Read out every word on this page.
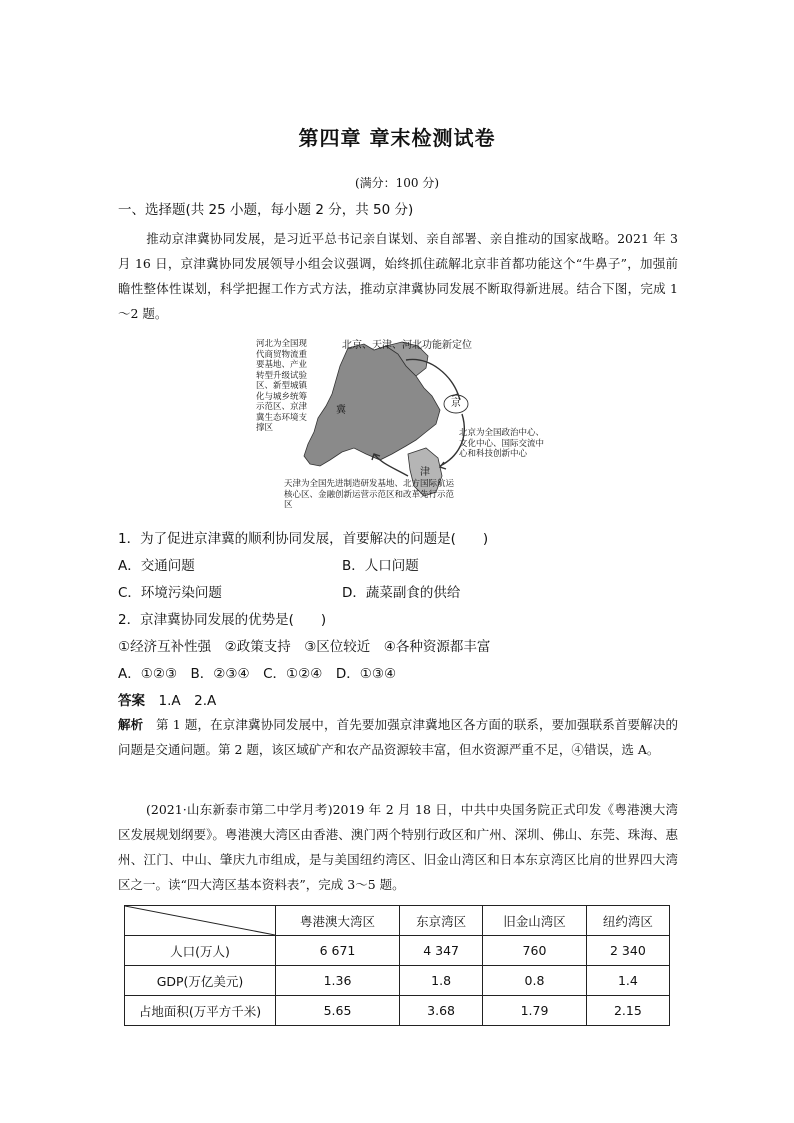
第四章 章末检测试卷
(满分：100 分)
一、选择题(共 25 小题，每小题 2 分，共 50 分)
推动京津冀协同发展，是习近平总书记亲自谋划、亲自部署、亲自推动的国家战略。2021 年 3 月 16 日，京津冀协同发展领导小组会议强调，始终抓住疏解北京非首都功能这个“牛鼻子”，加强前瞻性整体性谋划，科学把握工作方式方法，推动京津冀协同发展不断取得新进展。结合下图，完成 1～2 题。
河北为全国现代商贸物流重要基地、产业转型升级试验区、新型城镇化与城乡统筹示范区、京津冀生态环境支撑区
北京、天津、河北功能新定位
北京为全国政治中心、文化中心、国际交流中心和科技创新中心
天津为全国先进制造研发基地、北方国际航运核心区、金融创新运营示范区和改革先行示范区
冀
京
津
1．为了促进京津冀的顺利协同发展，首要解决的问题是(　　)
A．交通问题	B．人口问题
C．环境污染问题	D．蔬菜副食的供给
2．京津冀协同发展的优势是(　　)
①经济互补性强　②政策支持　③区位较近　④各种资源都丰富
A．①②③　B．②③④　C．①②④　D．①③④
答案　 1.A　2.A
解析　 第 1 题，在京津冀协同发展中，首先要加强京津冀地区各方面的联系，要加强联系首要解决的问题是交通问题。第 2 题，该区域矿产和农产品资源较丰富，但水资源严重不足，④错误，选 A。
(2021·山东新泰市第二中学月考)2019 年 2 月 18 日，中共中央国务院正式印发《粤港澳大湾区发展规划纲要》。粤港澳大湾区由香港、澳门两个特别行政区和广州、深圳、佛山、东莞、珠海、惠州、江门、中山、肇庆九市组成，是与美国纽约湾区、旧金山湾区和日本东京湾区比肩的世界四大湾区之一。读“四大湾区基本资料表”，完成 3～5 题。
	粤港澳大湾区	东京湾区	旧金山湾区	纽约湾区
人口(万人)	6 671	4 347	760	2 340
GDP(万亿美元)	1.36	1.8	0.8	1.4
占地面积(万平方千米)	5.65	3.68	1.79	2.15
